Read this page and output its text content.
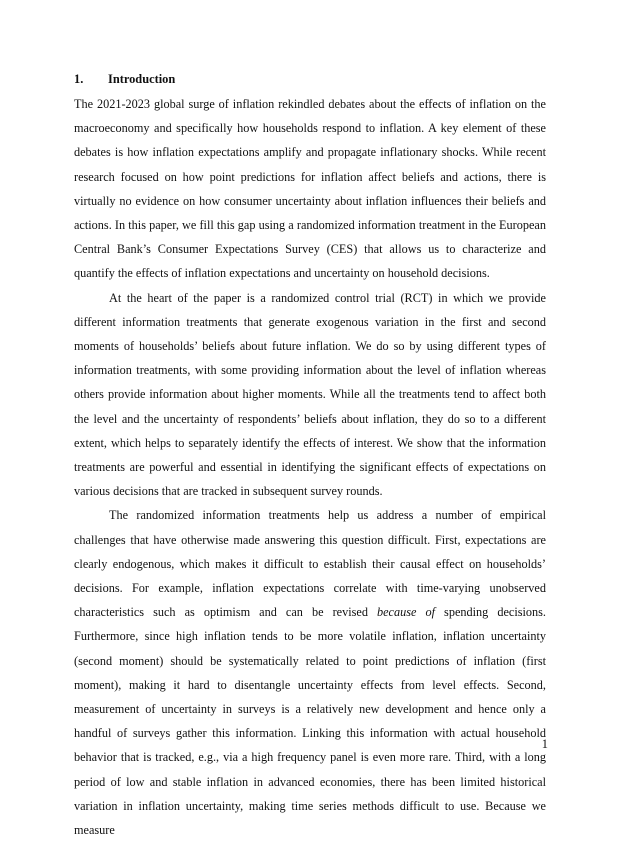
1. Introduction

The 2021-2023 global surge of inflation rekindled debates about the effects of inflation on the macroeconomy and specifically how households respond to inflation. A key element of these debates is how inflation expectations amplify and propagate inflationary shocks. While recent research focused on how point predictions for inflation affect beliefs and actions, there is virtually no evidence on how consumer uncertainty about inflation influences their beliefs and actions. In this paper, we fill this gap using a randomized information treatment in the European Central Bank’s Consumer Expectations Survey (CES) that allows us to characterize and quantify the effects of inflation expectations and uncertainty on household decisions.

At the heart of the paper is a randomized control trial (RCT) in which we provide different information treatments that generate exogenous variation in the first and second moments of households’ beliefs about future inflation. We do so by using different types of information treatments, with some providing information about the level of inflation whereas others provide information about higher moments. While all the treatments tend to affect both the level and the uncertainty of respondents’ beliefs about inflation, they do so to a different extent, which helps to separately identify the effects of interest. We show that the information treatments are powerful and essential in identifying the significant effects of expectations on various decisions that are tracked in subsequent survey rounds.

The randomized information treatments help us address a number of empirical challenges that have otherwise made answering this question difficult. First, expectations are clearly endogenous, which makes it difficult to establish their causal effect on households’ decisions. For example, inflation expectations correlate with time-varying unobserved characteristics such as optimism and can be revised because of spending decisions. Furthermore, since high inflation tends to be more volatile inflation, inflation uncertainty (second moment) should be systematically related to point predictions of inflation (first moment), making it hard to disentangle uncertainty effects from level effects. Second, measurement of uncertainty in surveys is a relatively new development and hence only a handful of surveys gather this information. Linking this information with actual household behavior that is tracked, e.g., via a high frequency panel is even more rare. Third, with a long period of low and stable inflation in advanced economies, there has been limited historical variation in inflation uncertainty, making time series methods difficult to use. Because we measure

1
